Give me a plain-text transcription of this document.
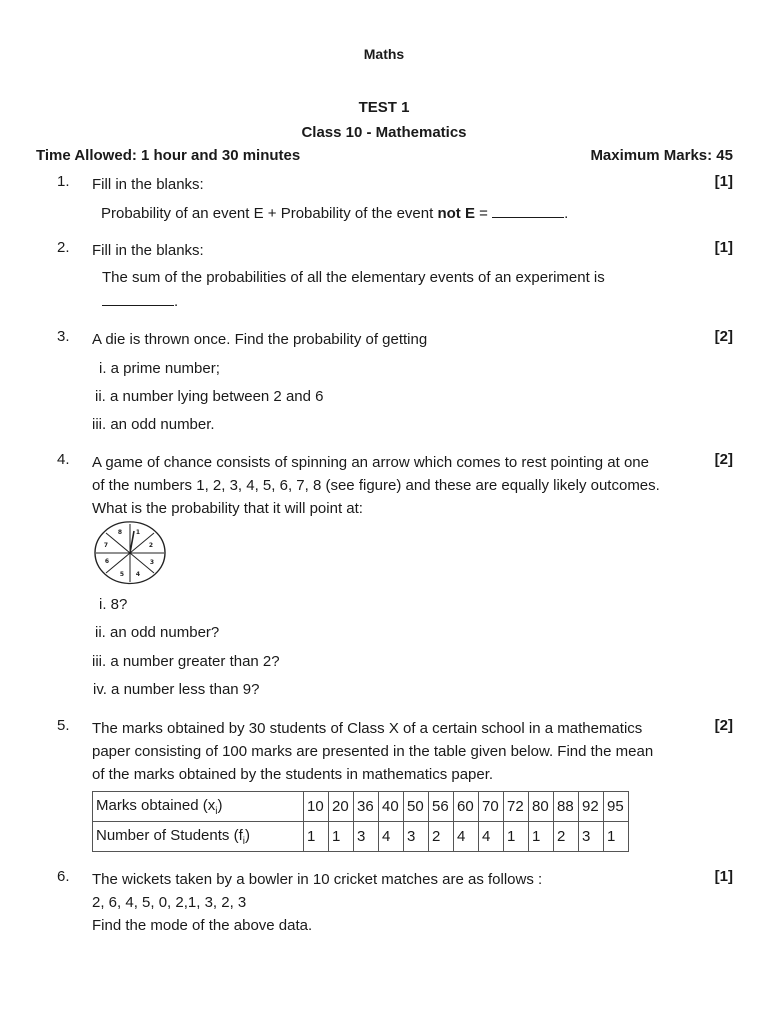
Maths
TEST 1
Class 10 - Mathematics
Time Allowed: 1 hour and 30 minutes	Maximum Marks: 45
1. Fill in the blanks:	[1]
Probability of an event E + Probability of the event not E =	.
2. Fill in the blanks:	[1]
The sum of the probabilities of all the elementary events of an experiment is
.
3. A die is thrown once. Find the probability of getting	[2]
i. a prime number;
ii. a number lying between 2 and 6
iii. an odd number.
4. A game of chance consists of spinning an arrow which comes to rest pointing at one
of the numbers 1, 2, 3, 4, 5, 6, 7, 8 (see figure) and these are equally likely outcomes.
What is the probability that it will point at:
[2]
1
2
3
4
5
6
7
8
i. 8?
ii. an odd number?
iii. a number greater than 2?
iv. a number less than 9?
5. The marks obtained by 30 students of Class X of a certain school in a mathematics
paper consisting of 100 marks are presented in the table given below. Find the mean
of the marks obtained by the students in mathematics paper.
[2]
Marks obtained $(x_i)$	10	20	36	40	50	56	60	70	72	80	88	92	95
Number of Students $(f_i)$	1	1	3	4	3	2	4	4	1	1	2	3	1
6. The wickets taken by a bowler in 10 cricket matches are as follows :
2, 6, 4, 5, 0, 2,1, 3, 2, 3
Find the mode of the above data.
[1]
